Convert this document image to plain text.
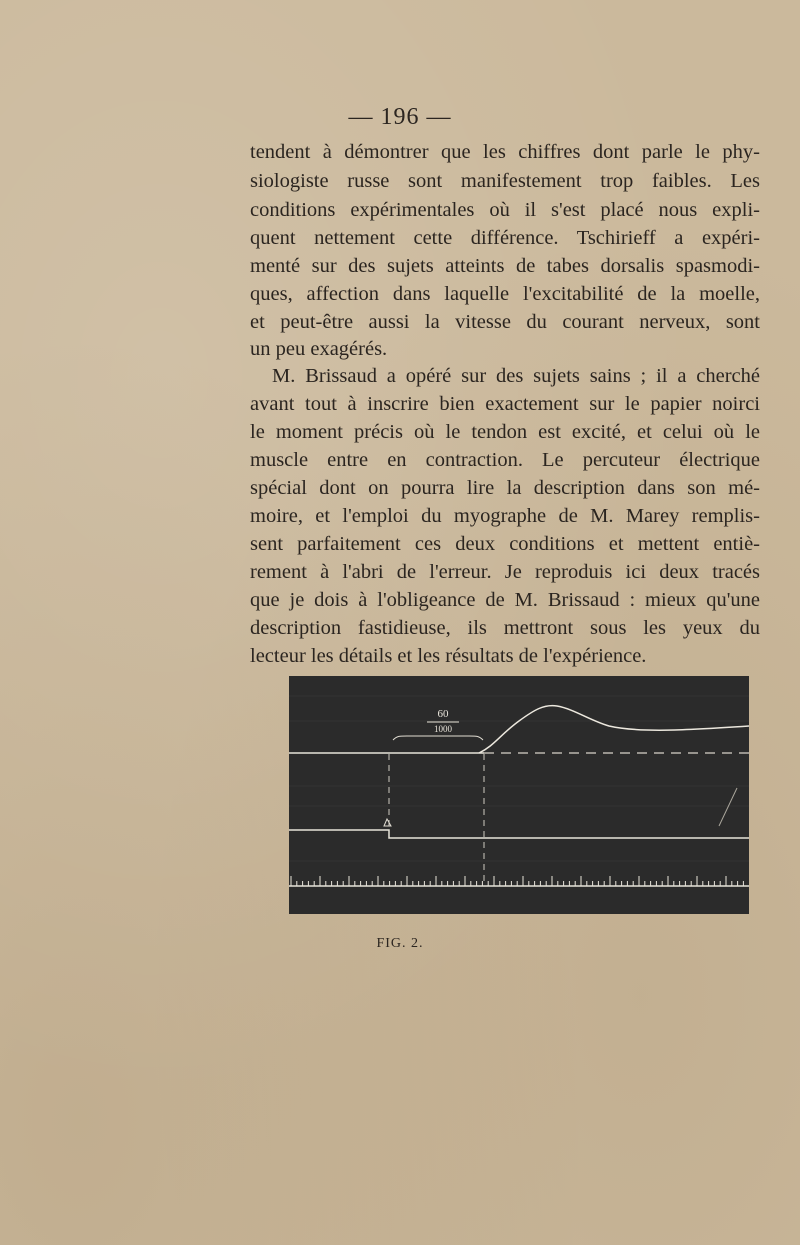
— 196 —
tendent à démontrer que les chiffres dont parle le phy-
siologiste russe sont manifestement trop faibles. Les
conditions expérimentales où il s'est placé nous expli-
quent nettement cette différence. Tschirieff a expéri-
menté sur des sujets atteints de tabes dorsalis spasmodi-
ques, affection dans laquelle l'excitabilité de la moelle,
et peut-être aussi la vitesse du courant nerveux, sont
un peu exagérés.
M. Brissaud a opéré sur des sujets sains ; il a cherché
avant tout à inscrire bien exactement sur le papier noirci
le moment précis où le tendon est excité, et celui où le
muscle entre en contraction. Le percuteur électrique
spécial dont on pourra lire la description dans son mé-
moire, et l'emploi du myographe de M. Marey remplis-
sent parfaitement ces deux conditions et mettent entiè-
rement à l'abri de l'erreur. Je reproduis ici deux tracés
que je dois à l'obligeance de M. Brissaud : mieux qu'une
description fastidieuse, ils mettront sous les yeux du
lecteur les détails et les résultats de l'expérience.
60
1000
FIG. 2.
